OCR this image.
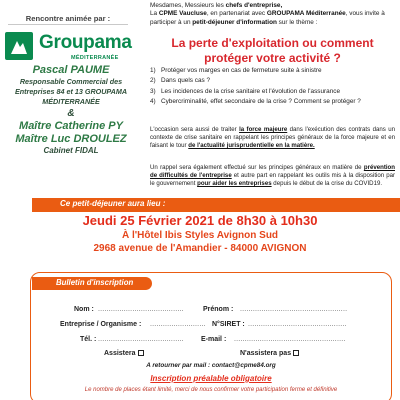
Rencontre animée par :
Groupama
MÉDITERRANÉE
Pascal PAUME
Responsable Commercial des Entreprises 84 et 13 GROUPAMA MÉDITERRANÉE
&
Maître Catherine PY
Maître Luc DROULEZ
Cabinet FIDAL
Mesdames, Messieurs les chefs d'entreprise,
La CPME Vaucluse, en partenariat avec GROUPAMA Méditerranée, vous invite à participer à un petit-déjeuner d'information sur le thème :
La perte d'exploitation ou comment protéger votre activité ?
1) Protéger vos marges en cas de fermeture suite à sinistre
2) Dans quels cas ?
3) Les incidences de la crise sanitaire et l'évolution de l'assurance
4) Cybercriminalité, effet secondaire de la crise ? Comment se protéger ?
L'occasion sera aussi de traiter la force majeure dans l'exécution des contrats dans un contexte de crise sanitaire en rappelant les principes généraux de la force majeure et en faisant le tour de l'actualité jurisprudentielle en la matière.
Un rappel sera également effectué sur les principes généraux en matière de prévention de difficultés de l'entreprise et autre part en rappelant les outils mis à la disposition par le gouvernement pour aider les entreprises depuis le début de la crise du COVID19.
Ce petit-déjeuner aura lieu :
Jeudi 25 Février 2021 de 8h30 à 10h30
À l'Hôtel Ibis Styles Avignon Sud
2968 avenue de l'Amandier - 84000 AVIGNON
Bulletin d'inscription
Nom : ........................................	Prénom : ..................................................
Entreprise / Organisme : .......................... N°SIRET : ..............................................
Tél. : ........................................	E-mail : ....................................................
Assistera	N'assistera pas
A retourner par mail : contact@cpme84.org
Inscription préalable obligatoire
Le nombre de places étant limité, merci de nous confirmer votre participation ferme et définitive
